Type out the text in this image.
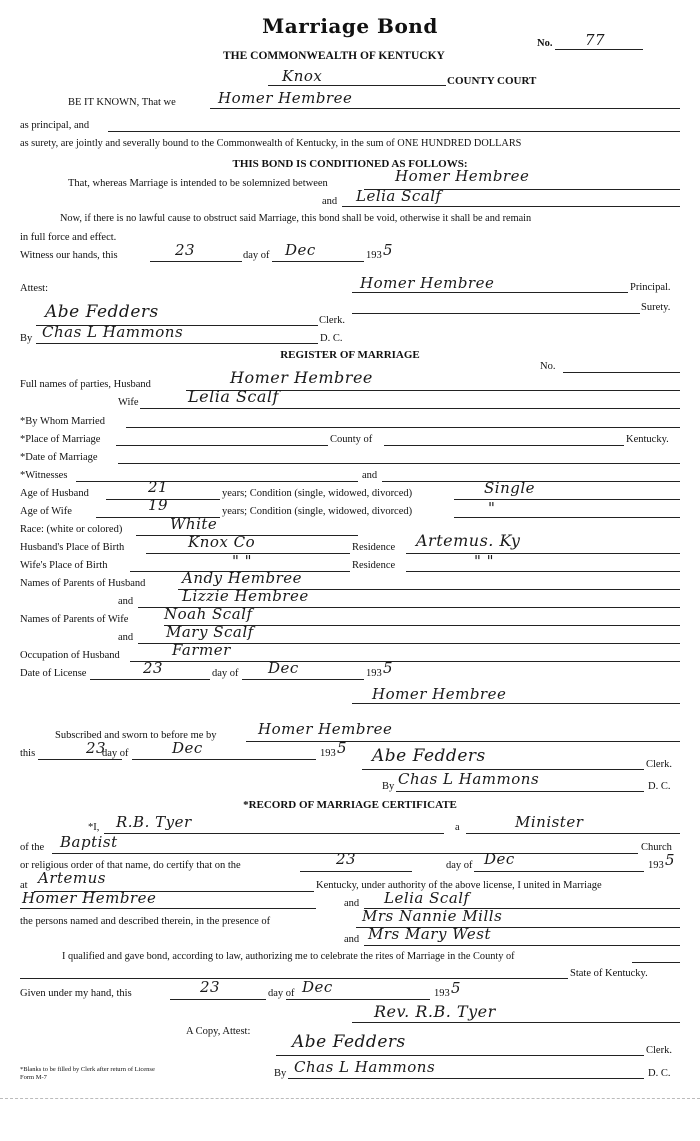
Marriage Bond
THE COMMONWEALTH OF KENTUCKY
No. 77
Knox	COUNTY COURT
BE IT KNOWN, That we	Homer Hembree
as principal, and
as surety, are jointly and severally bound to the Commonwealth of Kentucky, in the sum of ONE HUNDRED DOLLARS
THIS BOND IS CONDITIONED AS FOLLOWS:
That, whereas Marriage is intended to be solemnized between	Homer Hembree
and Lelia Scalf
Now, if there is no lawful cause to obstruct said Marriage, this bond shall be void, otherwise it shall be and remain
in full force and effect.
Witness our hands, this	23	day of Dec	193 5
Attest:	Homer Hembree	Principal.
Surety.
Abe Fedders	Clerk.
By Chas L Hammons	D. C.
REGISTER OF MARRIAGE
No.
Full names of parties, Husband	Homer Hembree
Wife	Lelia Scalf
*By Whom Married
*Place of Marriage	County of	Kentucky.
*Date of Marriage
*Witnesses	and
Age of Husband	21	years; Condition (single, widowed, divorced)	Single
Age of Wife	19	years; Condition (single, widowed, divorced)	"
Race: (white or colored)	White
Husband's Place of Birth	Knox Co	Residence Artemus. Ky
Wife's Place of Birth	" "	Residence	" "
Names of Parents of Husband Andy Hembree
and	Lizzie Hembree
Names of Parents of Wife Noah Scalf
and Mary Scalf
Occupation of Husband	Farmer
Date of License	23	day of Dec	193 5
Homer Hembree
Subscribed and sworn to before me by	Homer Hembree
this	23
day of	Dec	193 5 Abe Fedders	Clerk.
By Chas L Hammons	D. C.
*RECORD OF MARRIAGE CERTIFICATE
*I, R.B. Tyer	a	Minister
of the Baptist	Church
or religious order of that name, do certify that on the	23	day of Dec	193 5
at Artemus	Kentucky, under authority of the above license, I united in Marriage
Homer Hembree	and Lelia Scalf
the persons named and described therein, in the presence of	Mrs Nannie Mills
and Mrs Mary West
I qualified and gave bond, according to law, authorizing me to celebrate the rites of Marriage in the County of
State of Kentucky.
Given under my hand, this	23	day of Dec	193 5
Rev. R.B. Tyer
A Copy, Attest:
Abe Fedders	Clerk.
*Blanks to be filled by Clerk after return of License
Form M-7	By Chas L Hammons	D. C.
